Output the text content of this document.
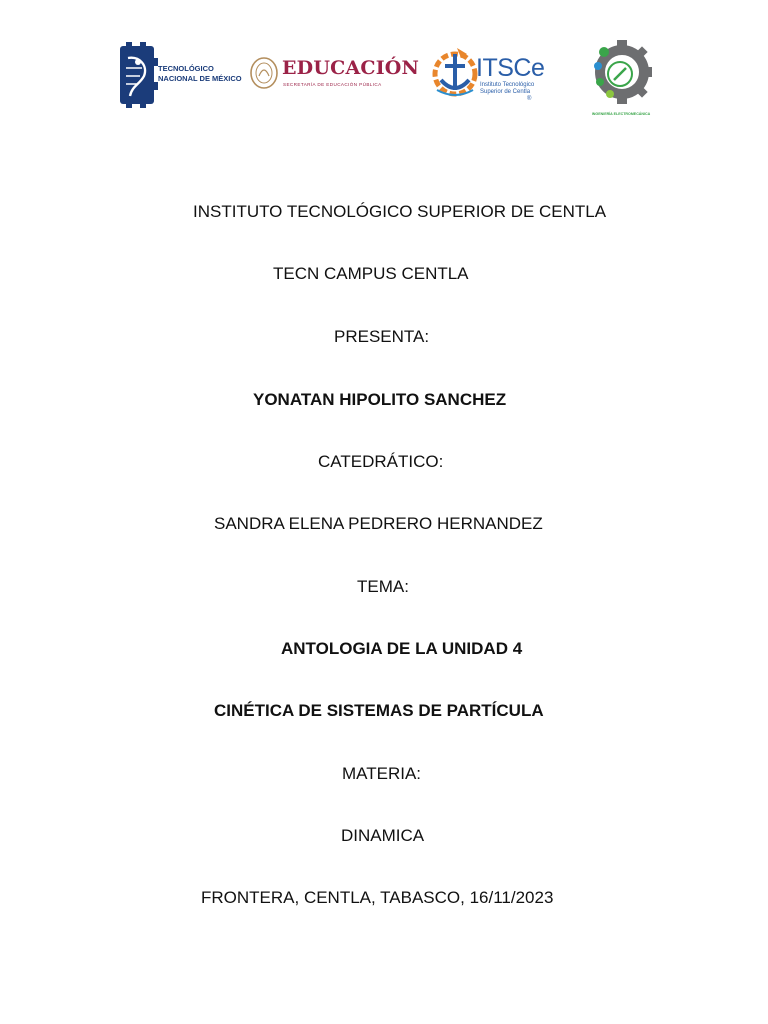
TECNOLÓGICO
NACIONAL DE MÉXICO EDUCACIÓN
SECRETARÍA DE EDUCACIÓN PÚBLICA
ITSCe
Instituto Tecnológico
Superior de Centla
®
INGENIERÍA ELECTROMECÁNICA

INSTITUTO TECNOLÓGICO SUPERIOR DE CENTLA

TECN CAMPUS CENTLA

PRESENTA:

YONATAN HIPOLITO SANCHEZ

CATEDRÁTICO:

SANDRA ELENA PEDRERO HERNANDEZ

TEMA:

ANTOLOGIA DE LA UNIDAD 4

CINÉTICA DE SISTEMAS DE PARTÍCULA

MATERIA:

DINAMICA

FRONTERA, CENTLA, TABASCO, 16/11/2023
